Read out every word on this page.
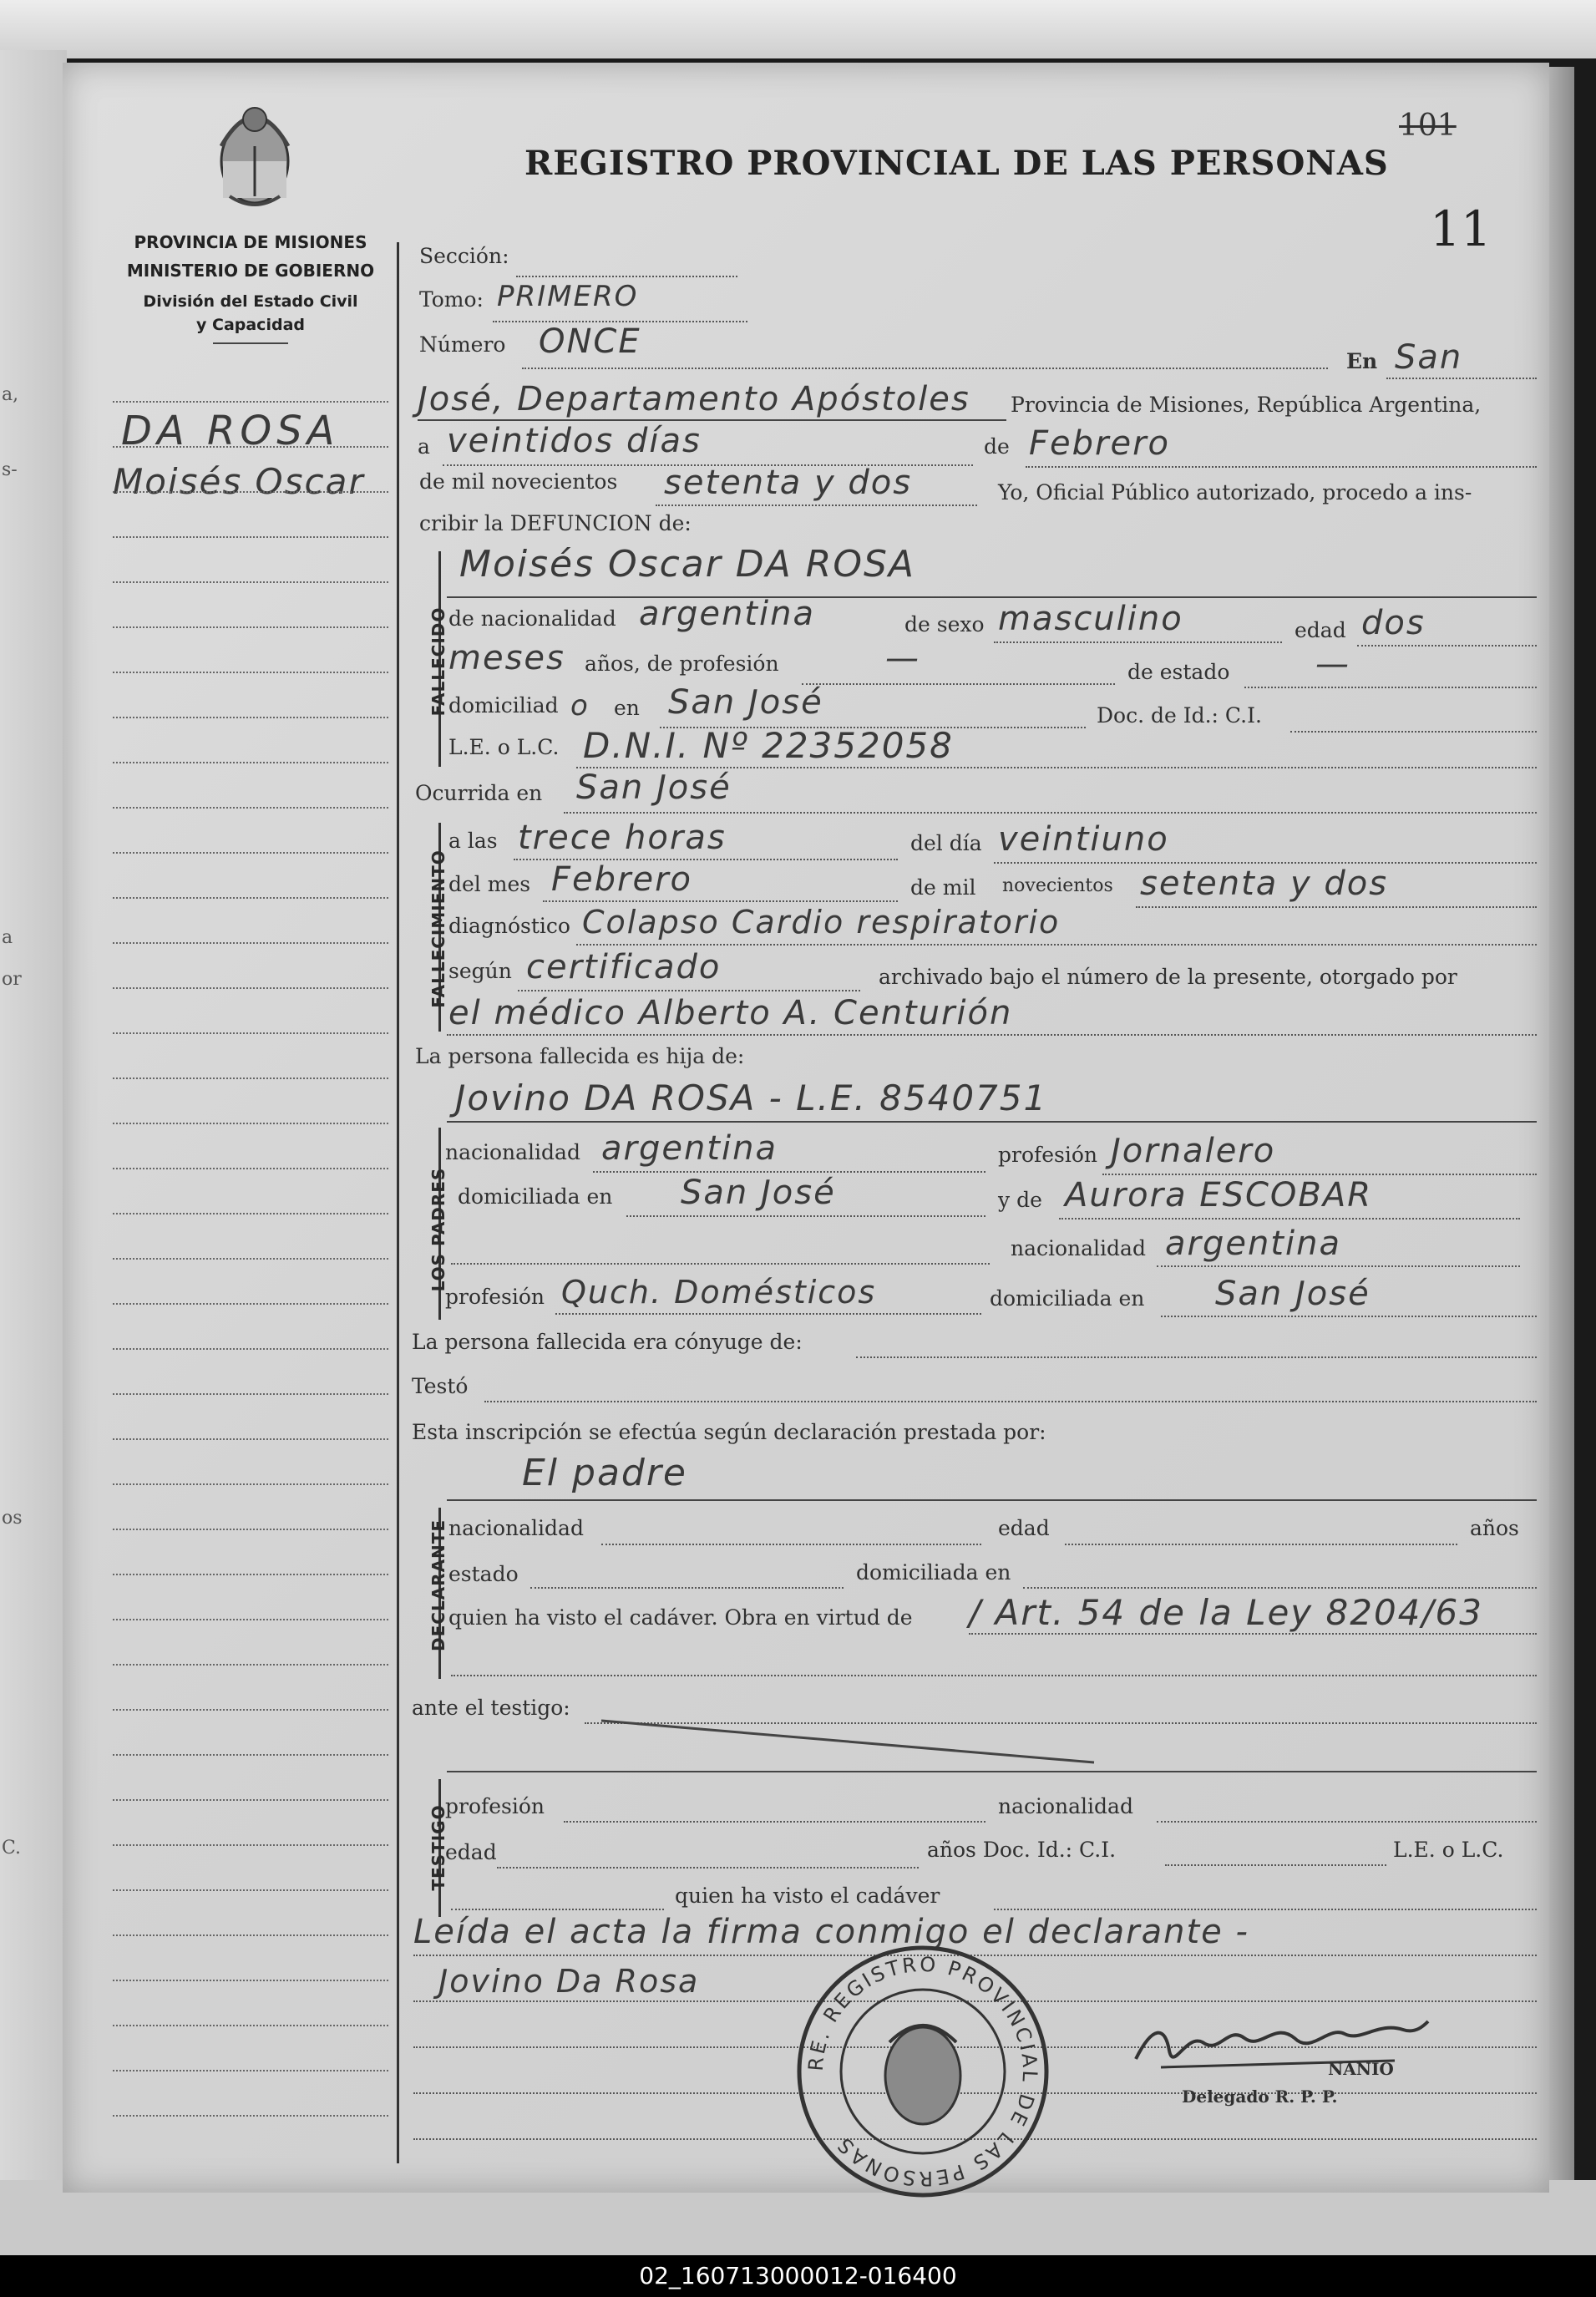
a,
s-
a
or
os
C.
PROVINCIA DE MISIONES
MINISTERIO DE GOBIERNO
División del Estado Civil
y Capacidad
REGISTRO PROVINCIAL DE LAS PERSONAS
101
11
DA ROSA
Moisés Oscar
Sección:
Tomo: PRIMERO
Número ONCE
En San
José, Departamento Apóstoles Provincia de Misiones, República Argentina,
a veintidos días	de Febrero
de mil novecientos setenta y dos	Yo, Oficial Público autorizado, procedo a ins-
cribir la DEFUNCION de:
FALLECIDO
Moisés Oscar DA ROSA
de nacionalidad argentina	de sexo masculino	edad dos
meses años, de profesión	—	de estado	—
domiciliad o en San José	Doc. de Id.: C.I.
L.E. o L.C. D.N.I. Nº 22352058
Ocurrida en San José
FALLECIMIENTO
a las trece horas	del día veintiuno
del mes Febrero	de mil novecientos setenta y dos
diagnóstico Colapso Cardio respiratorio
según certificado	archivado bajo el número de la presente, otorgado por
el médico Alberto A. Centurión
La persona fallecida es hija de:
Jovino DA ROSA - L.E. 8540751
LOS PADRES
nacionalidad argentina	profesión Jornalero
domiciliada en San José	y de Aurora ESCOBAR
nacionalidad argentina
profesión Quch. Domésticos	domiciliada en San José
La persona fallecida era cónyuge de:
Testó
Esta inscripción se efectúa según declaración prestada por:
El padre
DECLARANTE nacionalidad	edad	años
estado	domiciliada en
quien ha visto el cadáver. Obra en virtud de / Art. 54 de la Ley 8204/63
ante el testigo:
TESTIGO
profesión	nacionalidad
edad	años Doc. Id.: C.I.	L.E. o L.C.
quien ha visto el cadáver
Leída el acta la firma conmigo el declarante -
Jovino Da Rosa
RE. REGISTRO PROVINCIAL DE LAS PERSONAS
NANIO
Delegado R. P. P.
02_160713000012-016400
